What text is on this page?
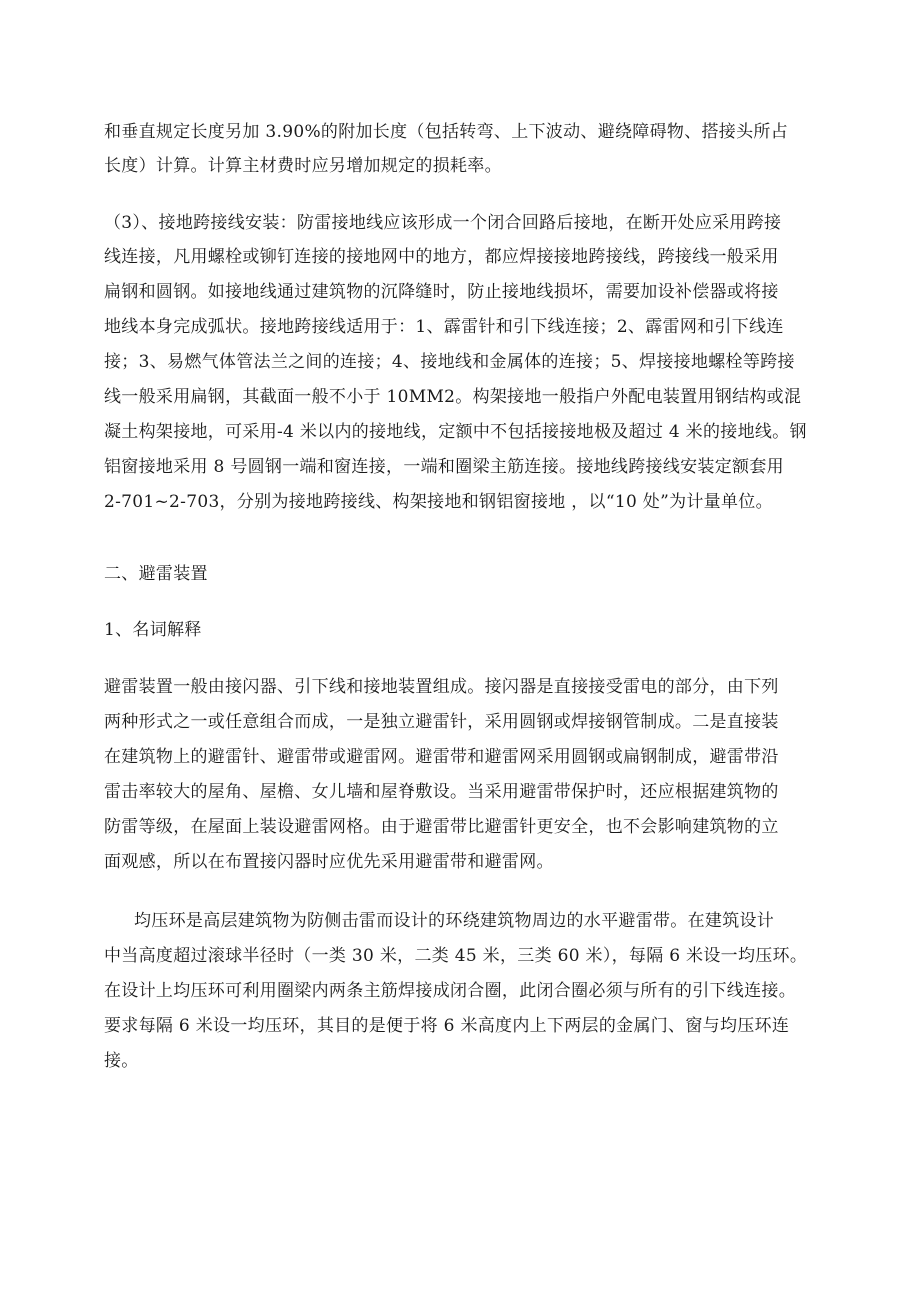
和垂直规定长度另加 3.90%的附加长度（包括转弯、上下波动、避绕障碍物、搭接头所占
长度）计算。计算主材费时应另增加规定的损耗率。
（3）、接地跨接线安装：防雷接地线应该形成一个闭合回路后接地，在断开处应采用跨接
线连接，凡用螺栓或铆钉连接的接地网中的地方，都应焊接接地跨接线，跨接线一般采用
扁钢和圆钢。如接地线通过建筑物的沉降缝时，防止接地线损坏，需要加设补偿器或将接
地线本身完成弧状。接地跨接线适用于：1、霹雷针和引下线连接；2、霹雷网和引下线连
接；3、易燃气体管法兰之间的连接；4、接地线和金属体的连接；5、焊接接地螺栓等跨接
线一般采用扁钢，其截面一般不小于 10MM2。构架接地一般指户外配电装置用钢结构或混
凝土构架接地，可采用-4 米以内的接地线，定额中不包括接接地极及超过 4 米的接地线。钢
铝窗接地采用 8 号圆钢一端和窗连接，一端和圈梁主筋连接。接地线跨接线安装定额套用
2-701~2-703，分别为接地跨接线、构架接地和钢铝窗接地 ，以“10 处”为计量单位。
二、避雷装置
1、名词解释
避雷装置一般由接闪器、引下线和接地装置组成。接闪器是直接接受雷电的部分，由下列
两种形式之一或任意组合而成，一是独立避雷针，采用圆钢或焊接钢管制成。二是直接装
在建筑物上的避雷针、避雷带或避雷网。避雷带和避雷网采用圆钢或扁钢制成，避雷带沿
雷击率较大的屋角、屋檐、女儿墙和屋脊敷设。当采用避雷带保护时，还应根据建筑物的
防雷等级，在屋面上装设避雷网格。由于避雷带比避雷针更安全，也不会影响建筑物的立
面观感，所以在布置接闪器时应优先采用避雷带和避雷网。
均压环是高层建筑物为防侧击雷而设计的环绕建筑物周边的水平避雷带。在建筑设计
中当高度超过滚球半径时（一类 30 米，二类 45 米，三类 60 米），每隔 6 米设一均压环。
在设计上均压环可利用圈梁内两条主筋焊接成闭合圈，此闭合圈必须与所有的引下线连接。
要求每隔 6 米设一均压环，其目的是便于将 6 米高度内上下两层的金属门、窗与均压环连
接。
